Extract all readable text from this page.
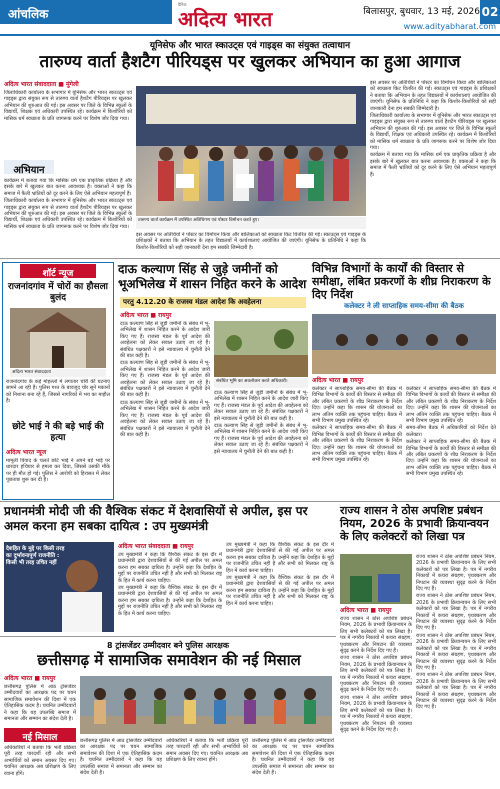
आंचलिक
दैनिक
अदित्य भारत	बिलासपुर, बुधवार, 13 मई, 2026 02
www.adityabharat.com
यूनिसेफ और भारत स्काउट्स एवं गाइड्स का संयुक्त तत्वाधान
तारुण्य वार्ता हैशटैग पीरियड्स पर खुलकर अभियान का हुआ आगाज
अदित्य भारत संवाददाता ■ मुंगेली

जिलाधिकारी कार्यालय के सभागार में यूनिसेफ और भारत स्काउट्स एवं गाइड्स द्वारा संयुक्त रूप से तारुण्य वार्ता हैशटैग पीरियड्स पर खुलकर अभियान की शुरुआत की गई। इस अवसर पर जिले के विभिन्न स्कूलों के विद्यार्थी, शिक्षक एवं अधिकारी उपस्थित रहे। कार्यक्रम में किशोरियों को मासिक धर्म स्वच्छता के प्रति जागरूक करने पर विशेष जोर दिया गया।

अभियान

कार्यक्रम में बताया गया कि मासिक धर्म एक प्राकृतिक प्रक्रिया है और इसके बारे में खुलकर बात करना आवश्यक है। वक्ताओं ने कहा कि समाज में फैली भ्रांतियों को दूर करने के लिए ऐसे अभियान महत्वपूर्ण हैं।

जिलाधिकारी कार्यालय के सभागार में यूनिसेफ और भारत स्काउट्स एवं गाइड्स द्वारा संयुक्त रूप से तारुण्य वार्ता हैशटैग पीरियड्स पर खुलकर अभियान की शुरुआत की गई। इस अवसर पर जिले के विभिन्न स्कूलों के विद्यार्थी, शिक्षक एवं अधिकारी उपस्थित रहे। कार्यक्रम में किशोरियों को मासिक धर्म स्वच्छता के प्रति जागरूक करने पर विशेष जोर दिया गया।

तारुण्य वार्ता कार्यक्रम में उपस्थित अतिथिगण एवं पोस्टर विमोचन करते हुए।

इस अवसर पर अतिथियों ने पोस्टर का विमोचन किया और बालिकाओं को स्वच्छता किट वितरित की गई। स्काउट्स एवं गाइड्स के प्रशिक्षकों ने बताया कि अभियान के तहत विद्यालयों में कार्यशालाएं आयोजित की जाएंगी। यूनिसेफ के प्रतिनिधि ने कहा कि किशोर-किशोरियों को सही जानकारी देना हम सबकी जिम्मेदारी है।

इस अवसर पर अतिथियों ने पोस्टर का विमोचन किया और बालिकाओं को स्वच्छता किट वितरित की गई। स्काउट्स एवं गाइड्स के प्रशिक्षकों ने बताया कि अभियान के तहत विद्यालयों में कार्यशालाएं आयोजित की जाएंगी। यूनिसेफ के प्रतिनिधि ने कहा कि किशोर-किशोरियों को सही जानकारी देना हम सबकी जिम्मेदारी है।

जिलाधिकारी कार्यालय के सभागार में यूनिसेफ और भारत स्काउट्स एवं गाइड्स द्वारा संयुक्त रूप से तारुण्य वार्ता हैशटैग पीरियड्स पर खुलकर अभियान की शुरुआत की गई। इस अवसर पर जिले के विभिन्न स्कूलों के विद्यार्थी, शिक्षक एवं अधिकारी उपस्थित रहे। कार्यक्रम में किशोरियों को मासिक धर्म स्वच्छता के प्रति जागरूक करने पर विशेष जोर दिया गया।

कार्यक्रम में बताया गया कि मासिक धर्म एक प्राकृतिक प्रक्रिया है और इसके बारे में खुलकर बात करना आवश्यक है। वक्ताओं ने कहा कि समाज में फैली भ्रांतियों को दूर करने के लिए ऐसे अभियान महत्वपूर्ण हैं।

शॉर्ट न्यूज
राजनांदगांव में चोरों का हौसला बुलंद
अदित्य भारत संवाददाता

राजनांदगांव के कई मोहल्लों में लगातार चोरी की घटनाएं सामने आ रही हैं। पुलिस गश्त के बावजूद चोर सूने मकानों को निशाना बना रहे हैं, जिससे नागरिकों में भय का माहौल है।

छोटे भाई ने की बड़े भाई की हत्या
अदित्य भारत न्यूज

मामूली विवाद के चलते छोटे भाई ने अपने बड़े भाई पर धारदार हथियार से हमला कर दिया, जिससे उसकी मौके पर ही मौत हो गई। पुलिस ने आरोपी को हिरासत में लेकर पूछताछ शुरू कर दी है।

दाऊ कल्याण सिंह से जुड़े जमीनों को भूअभिलेख में शासन निहित करने के आदेश
परतु 4.12.20 के राजस्व मंडल आदेश कि अवहेलना
अदित्य भारत ■ रायपुर

दाऊ कल्याण सिंह से जुड़ी जमीनों के संबंध में भू-अभिलेख में शासन निहित करने के आदेश जारी किए गए हैं। राजस्व मंडल के पूर्व आदेश की अवहेलना को लेकर सवाल उठाए जा रहे हैं। संबंधित पक्षकारों ने इसे न्यायालय में चुनौती देने की बात कही है।

दाऊ कल्याण सिंह से जुड़ी जमीनों के संबंध में भू-अभिलेख में शासन निहित करने के आदेश जारी किए गए हैं। राजस्व मंडल के पूर्व आदेश की अवहेलना को लेकर सवाल उठाए जा रहे हैं। संबंधित पक्षकारों ने इसे न्यायालय में चुनौती देने की बात कही है।

दाऊ कल्याण सिंह से जुड़ी जमीनों के संबंध में भू-अभिलेख में शासन निहित करने के आदेश जारी किए गए हैं। राजस्व मंडल के पूर्व आदेश की अवहेलना को लेकर सवाल उठाए जा रहे हैं। संबंधित पक्षकारों ने इसे न्यायालय में चुनौती देने की बात कही है।

संबंधित भूमि का अवलोकन करते अधिकारी।

दाऊ कल्याण सिंह से जुड़ी जमीनों के संबंध में भू-अभिलेख में शासन निहित करने के आदेश जारी किए गए हैं। राजस्व मंडल के पूर्व आदेश की अवहेलना को लेकर सवाल उठाए जा रहे हैं। संबंधित पक्षकारों ने इसे न्यायालय में चुनौती देने की बात कही है।

दाऊ कल्याण सिंह से जुड़ी जमीनों के संबंध में भू-अभिलेख में शासन निहित करने के आदेश जारी किए गए हैं। राजस्व मंडल के पूर्व आदेश की अवहेलना को लेकर सवाल उठाए जा रहे हैं। संबंधित पक्षकारों ने इसे न्यायालय में चुनौती देने की बात कही है।

विभिन्न विभागों के कार्यों की विस्तार से समीक्षा, लंबित प्रकरणों के शीघ्र निराकरण के दिए निर्देश
कलेक्टर ने ली साप्ताहिक समय-सीमा की बैठक
अदित्य भारत ■ रायपुर

कलेक्टर ने साप्ताहिक समय-सीमा की बैठक में विभिन्न विभागों के कार्यों की विस्तार से समीक्षा की और लंबित प्रकरणों के शीघ्र निराकरण के निर्देश दिए। उन्होंने कहा कि शासन की योजनाओं का लाभ अंतिम व्यक्ति तक पहुंचना चाहिए। बैठक में सभी विभाग प्रमुख उपस्थित रहे।

कलेक्टर ने साप्ताहिक समय-सीमा की बैठक में विभिन्न विभागों के कार्यों की विस्तार से समीक्षा की और लंबित प्रकरणों के शीघ्र निराकरण के निर्देश दिए। उन्होंने कहा कि शासन की योजनाओं का लाभ अंतिम व्यक्ति तक पहुंचना चाहिए। बैठक में सभी विभाग प्रमुख उपस्थित रहे।

कलेक्टर ने साप्ताहिक समय-सीमा की बैठक में विभिन्न विभागों के कार्यों की विस्तार से समीक्षा की और लंबित प्रकरणों के शीघ्र निराकरण के निर्देश दिए। उन्होंने कहा कि शासन की योजनाओं का लाभ अंतिम व्यक्ति तक पहुंचना चाहिए। बैठक में सभी विभाग प्रमुख उपस्थित रहे।

समय-सीमा बैठक में अधिकारियों को निर्देश देते कलेक्टर।

कलेक्टर ने साप्ताहिक समय-सीमा की बैठक में विभिन्न विभागों के कार्यों की विस्तार से समीक्षा की और लंबित प्रकरणों के शीघ्र निराकरण के निर्देश दिए। उन्होंने कहा कि शासन की योजनाओं का लाभ अंतिम व्यक्ति तक पहुंचना चाहिए। बैठक में सभी विभाग प्रमुख उपस्थित रहे।

प्रधानमंत्री मोदी जी की वैश्विक संकट में देशवासियों से अपील, इस पर अमल करना हम सबका दायित्व : उप मुख्यमंत्री
देशहित के मुद्दे पर किसी तरह का दुर्भावनापूर्ण राजनीति : किसी भी तरह उचित नहीं
अदित्य भारत संवाददाता ■ रायपुर

उप मुख्यमंत्री ने कहा कि वैश्विक संकट के इस दौर में प्रधानमंत्री द्वारा देशवासियों से की गई अपील पर अमल करना हम सबका दायित्व है। उन्होंने कहा कि देशहित के मुद्दों पर राजनीति उचित नहीं है और सभी को मिलकर राष्ट्र के हित में कार्य करना चाहिए।

उप मुख्यमंत्री ने कहा कि वैश्विक संकट के इस दौर में प्रधानमंत्री द्वारा देशवासियों से की गई अपील पर अमल करना हम सबका दायित्व है। उन्होंने कहा कि देशहित के मुद्दों पर राजनीति उचित नहीं है और सभी को मिलकर राष्ट्र के हित में कार्य करना चाहिए।

उप मुख्यमंत्री ने कहा कि वैश्विक संकट के इस दौर में प्रधानमंत्री द्वारा देशवासियों से की गई अपील पर अमल करना हम सबका दायित्व है। उन्होंने कहा कि देशहित के मुद्दों पर राजनीति उचित नहीं है और सभी को मिलकर राष्ट्र के हित में कार्य करना चाहिए।

उप मुख्यमंत्री ने कहा कि वैश्विक संकट के इस दौर में प्रधानमंत्री द्वारा देशवासियों से की गई अपील पर अमल करना हम सबका दायित्व है। उन्होंने कहा कि देशहित के मुद्दों पर राजनीति उचित नहीं है और सभी को मिलकर राष्ट्र के हित में कार्य करना चाहिए।

राज्य शासन ने ठोस अपशिष्ट प्रबंधन नियम, 2026 के प्रभावी क्रियान्वयन के लिए कलेक्टरों को लिखा पत्र
अदित्य भारत ■ रायपुर

राज्य शासन ने ठोस अपशिष्ट प्रबंधन नियम, 2026 के प्रभावी क्रियान्वयन के लिए सभी कलेक्टरों को पत्र लिखा है। पत्र में नगरीय निकायों में कचरा संग्रहण, पृथक्करण और निपटान की व्यवस्था सुदृढ़ करने के निर्देश दिए गए हैं।

राज्य शासन ने ठोस अपशिष्ट प्रबंधन नियम, 2026 के प्रभावी क्रियान्वयन के लिए सभी कलेक्टरों को पत्र लिखा है। पत्र में नगरीय निकायों में कचरा संग्रहण, पृथक्करण और निपटान की व्यवस्था सुदृढ़ करने के निर्देश दिए गए हैं।

राज्य शासन ने ठोस अपशिष्ट प्रबंधन नियम, 2026 के प्रभावी क्रियान्वयन के लिए सभी कलेक्टरों को पत्र लिखा है। पत्र में नगरीय निकायों में कचरा संग्रहण, पृथक्करण और निपटान की व्यवस्था सुदृढ़ करने के निर्देश दिए गए हैं।

राज्य शासन ने ठोस अपशिष्ट प्रबंधन नियम, 2026 के प्रभावी क्रियान्वयन के लिए सभी कलेक्टरों को पत्र लिखा है। पत्र में नगरीय निकायों में कचरा संग्रहण, पृथक्करण और निपटान की व्यवस्था सुदृढ़ करने के निर्देश दिए गए हैं।

राज्य शासन ने ठोस अपशिष्ट प्रबंधन नियम, 2026 के प्रभावी क्रियान्वयन के लिए सभी कलेक्टरों को पत्र लिखा है। पत्र में नगरीय निकायों में कचरा संग्रहण, पृथक्करण और निपटान की व्यवस्था सुदृढ़ करने के निर्देश दिए गए हैं।

राज्य शासन ने ठोस अपशिष्ट प्रबंधन नियम, 2026 के प्रभावी क्रियान्वयन के लिए सभी कलेक्टरों को पत्र लिखा है। पत्र में नगरीय निकायों में कचरा संग्रहण, पृथक्करण और निपटान की व्यवस्था सुदृढ़ करने के निर्देश दिए गए हैं।

राज्य शासन ने ठोस अपशिष्ट प्रबंधन नियम, 2026 के प्रभावी क्रियान्वयन के लिए सभी कलेक्टरों को पत्र लिखा है। पत्र में नगरीय निकायों में कचरा संग्रहण, पृथक्करण और निपटान की व्यवस्था सुदृढ़ करने के निर्देश दिए गए हैं।

8 ट्रांसजेंडर उम्मीदवार बने पुलिस आरक्षक
छत्तीसगढ़ में सामाजिक समावेशन की नई मिसाल
अदित्य भारत ■ रायपुर

छत्तीसगढ़ पुलिस में आठ ट्रांसजेंडर उम्मीदवारों का आरक्षक पद पर चयन सामाजिक समावेशन की दिशा में एक ऐतिहासिक कदम है। चयनित उम्मीदवारों ने कहा कि यह उपलब्धि समाज में समानता और सम्मान का संदेश देती है।

नई मिसाल

अधिकारियों ने बताया कि भर्ती प्रक्रिया पूरी तरह पारदर्शी रही और सभी अभ्यर्थियों को समान अवसर दिए गए। चयनित आरक्षक अब प्रशिक्षण के लिए रवाना होंगे।

छत्तीसगढ़ पुलिस में आठ ट्रांसजेंडर उम्मीदवारों का आरक्षक पद पर चयन सामाजिक समावेशन की दिशा में एक ऐतिहासिक कदम है। चयनित उम्मीदवारों ने कहा कि यह उपलब्धि समाज में समानता और सम्मान का संदेश देती है।

अधिकारियों ने बताया कि भर्ती प्रक्रिया पूरी तरह पारदर्शी रही और सभी अभ्यर्थियों को समान अवसर दिए गए। चयनित आरक्षक अब प्रशिक्षण के लिए रवाना होंगे।

छत्तीसगढ़ पुलिस में आठ ट्रांसजेंडर उम्मीदवारों का आरक्षक पद पर चयन सामाजिक समावेशन की दिशा में एक ऐतिहासिक कदम है। चयनित उम्मीदवारों ने कहा कि यह उपलब्धि समाज में समानता और सम्मान का संदेश देती है।
